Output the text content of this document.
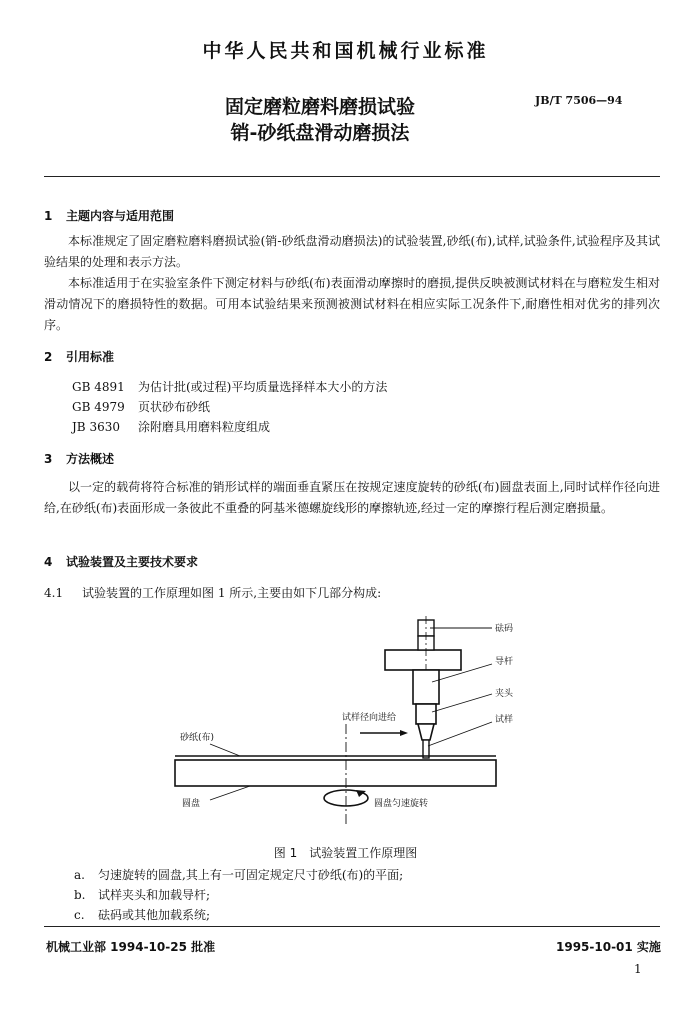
中华人民共和国机械行业标准
固定磨粒磨料磨损试验
销-砂纸盘滑动磨损法
JB/T 7506—94
1 主题内容与适用范围
本标准规定了固定磨粒磨料磨损试验(销-砂纸盘滑动磨损法)的试验装置,砂纸(布),试样,试验条件,试验程序及其试验结果的处理和表示方法。
本标准适用于在实验室条件下测定材料与砂纸(布)表面滑动摩擦时的磨损,提供反映被测试材料在与磨粒发生相对滑动情况下的磨损特性的数据。可用本试验结果来预测被测试材料在相应实际工况条件下,耐磨性相对优劣的排列次序。
2 引用标准
GB 4891 为估计批(或过程)平均质量选择样本大小的方法
GB 4979 页状砂布砂纸
JB 3630 涂附磨具用磨料粒度组成
3 方法概述
以一定的载荷将符合标准的销形试样的端面垂直紧压在按规定速度旋转的砂纸(布)圆盘表面上,同时试样作径向进给,在砂纸(布)表面形成一条彼此不重叠的阿基米德螺旋线形的摩擦轨迹,经过一定的摩擦行程后测定磨损量。
4 试验装置及主要技术要求
4.1 试验装置的工作原理如图 1 所示,主要由如下几部分构成:
砝码
导杆
夹头
试样
试样径向进给
砂纸(布)
圆盘	圆盘匀速旋转
图 1 试验装置工作原理图
a. 匀速旋转的圆盘,其上有一可固定规定尺寸砂纸(布)的平面;
b. 试样夹头和加载导杆;
c. 砝码或其他加载系统;
机械工业部 1994-10-25 批准	1995-10-01 实施
1
